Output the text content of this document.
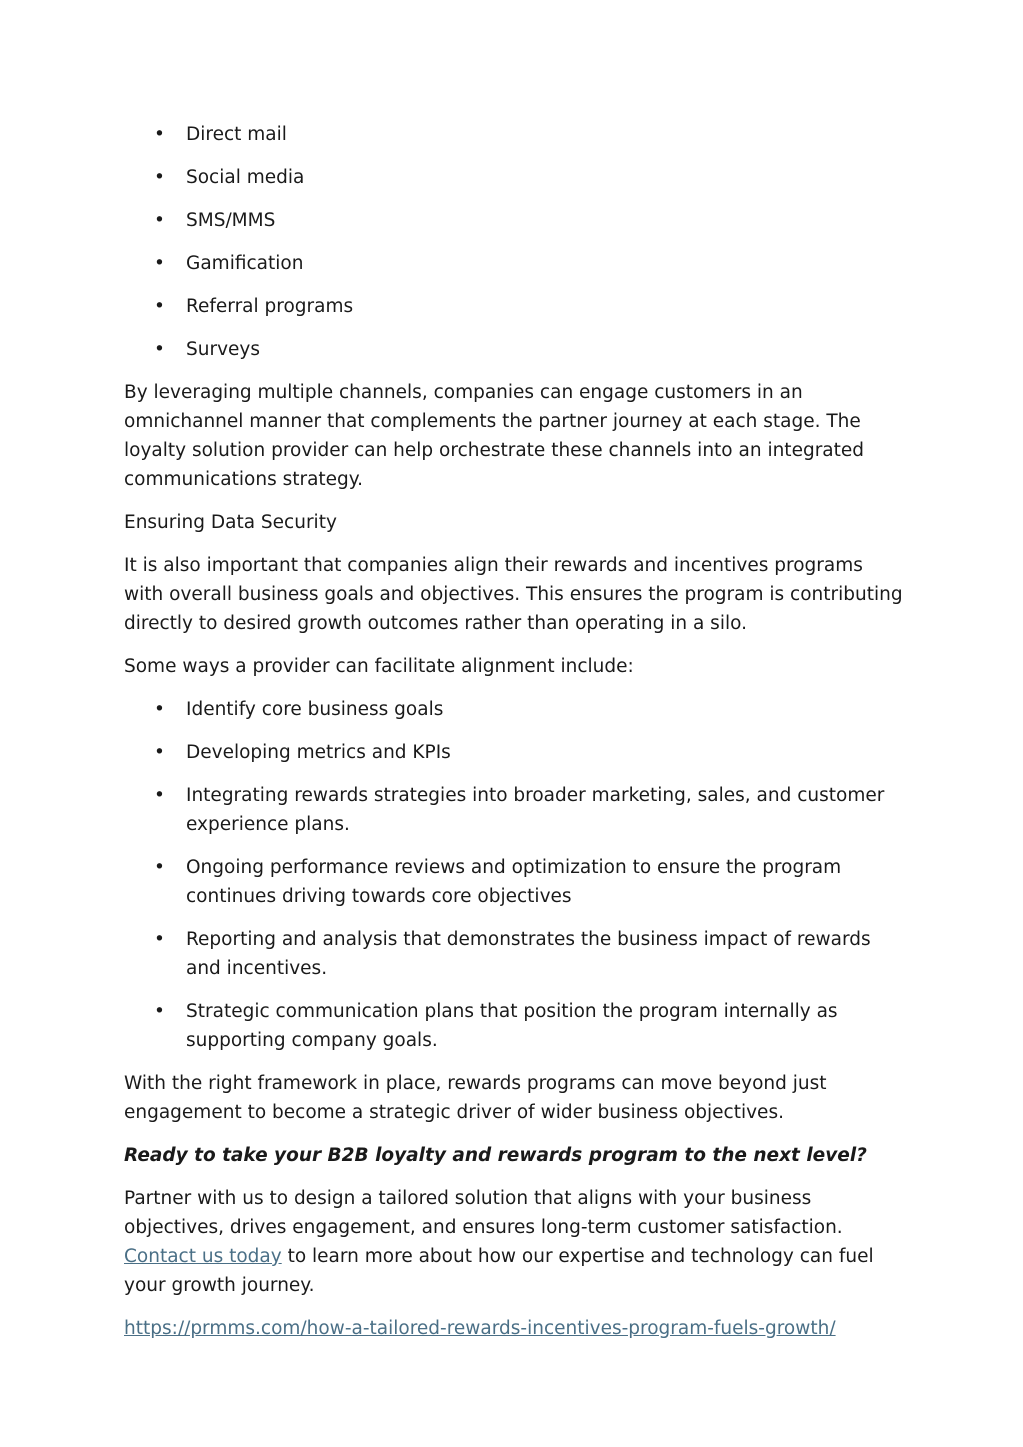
• Direct mail
• Social media
• SMS/MMS
• Gamification
• Referral programs
• Surveys

By leveraging multiple channels, companies can engage customers in an omnichannel manner that complements the partner journey at each stage. The loyalty solution provider can help orchestrate these channels into an integrated communications strategy.

Ensuring Data Security

It is also important that companies align their rewards and incentives programs with overall business goals and objectives. This ensures the program is contributing directly to desired growth outcomes rather than operating in a silo.

Some ways a provider can facilitate alignment include:

• Identify core business goals
• Developing metrics and KPIs
• Integrating rewards strategies into broader marketing, sales, and customer experience plans.
• Ongoing performance reviews and optimization to ensure the program continues driving towards core objectives
• Reporting and analysis that demonstrates the business impact of rewards and incentives.
• Strategic communication plans that position the program internally as supporting company goals.

With the right framework in place, rewards programs can move beyond just engagement to become a strategic driver of wider business objectives.

Ready to take your B2B loyalty and rewards program to the next level?

Partner with us to design a tailored solution that aligns with your business objectives, drives engagement, and ensures long-term customer satisfaction. Contact us today to learn more about how our expertise and technology can fuel your growth journey.

https://prmms.com/how-a-tailored-rewards-incentives-program-fuels-growth/
